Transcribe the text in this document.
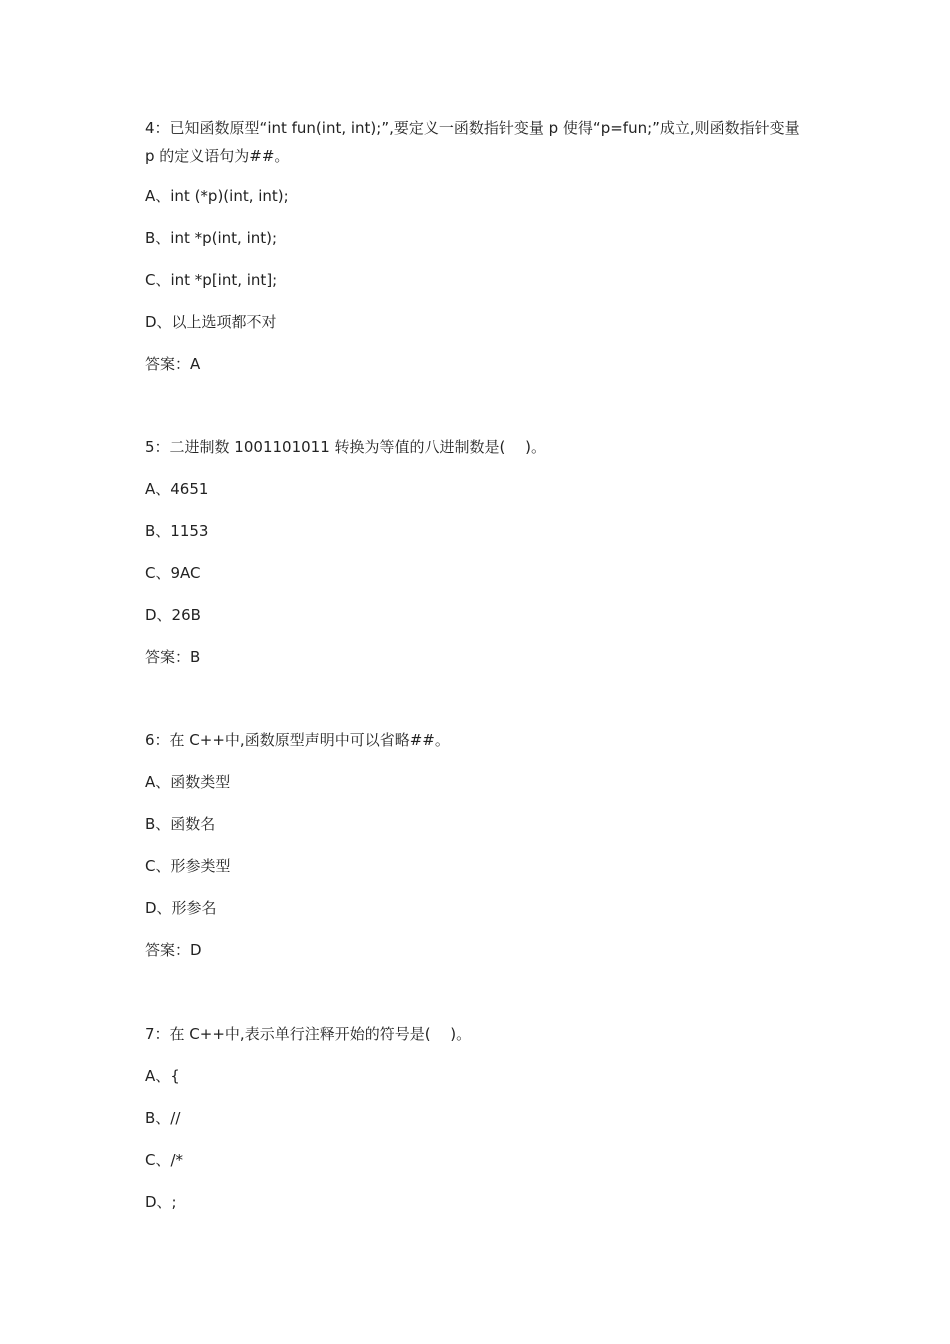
4：已知函数原型“int fun(int, int);”,要定义一函数指针变量 p 使得“p=fun;”成立,则函数指针变量 p 的定义语句为##。
A、int (*p)(int, int);
B、int *p(int, int);
C、int *p[int, int];
D、以上选项都不对
答案：A
5：二进制数 1001101011 转换为等值的八进制数是(　 )。
A、4651
B、1153
C、9AC
D、26B
答案：B
6：在 C++中,函数原型声明中可以省略##。
A、函数类型
B、函数名
C、形参类型
D、形参名
答案：D
7：在 C++中,表示单行注释开始的符号是(　 )。
A、{
B、//
C、/*
D、;
